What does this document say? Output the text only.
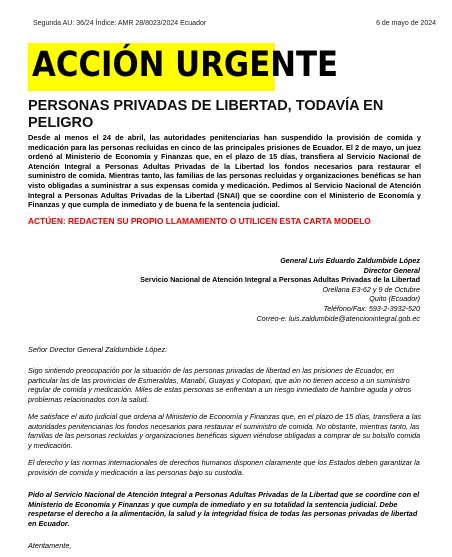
Segunda AU: 36/24 Índice: AMR 28/8023/2024 Ecuador	6 de mayo de 2024
ACCIÓN URGENTE
PERSONAS PRIVADAS DE LIBERTAD, TODAVÍA EN PELIGRO
Desde al menos el 24 de abril, las autoridades penitenciarias han suspendido la provisión de comida y medicación para las personas recluidas en cinco de las principales prisiones de Ecuador. El 2 de mayo, un juez ordenó al Ministerio de Economía y Finanzas que, en el plazo de 15 días, transfiera al Servicio Nacional de Atención Integral a Personas Adultas Privadas de la Libertad los fondos necesarios para restaurar el suministro de comida. Mientras tanto, las familias de las personas recluidas y organizaciones benéficas se han visto obligadas a suministrar a sus expensas comida y medicación. Pedimos al Servicio Nacional de Atención Integral a Personas Adultas Privadas de la Libertad (SNAI) que se coordine con el Ministerio de Economía y Finanzas y que cumpla de inmediato y de buena fe la sentencia judicial.
ACTÚEN: REDACTEN SU PROPIO LLAMAMIENTO O UTILICEN ESTA CARTA MODELO
General Luis Eduardo Zaldumbide López
Director General
Servicio Nacional de Atención Integral a Personas Adultas Privadas de la Libertad
Orellana E3-62 y 9 de Octubre
Quito (Ecuador)
Teléfono/Fax: 593-2-3932-520
Correo-e: luis.zaldumbide@atencionintegral.gob.ec
Señor Director General Zaldumbide López:
Sigo sintiendo preocupación por la situación de las personas privadas de libertad en las prisiones de Ecuador, en particular las de las provincias de Esmeraldas, Manabí, Guayas y Cotopaxi, que aún no tienen acceso a un suministro regular de comida y medicación. Miles de estas personas se enfrentan a un riesgo inmediato de hambre aguda y otros problemas relacionados con la salud.
Me satisface el auto judicial que ordena al Ministerio de Economía y Finanzas que, en el plazo de 15 días, transfiera a las autoridades penitenciarias los fondos necesarios para restaurar el suministro de comida. No obstante, mientras tanto, las familias de las personas recluidas y organizaciones benéficas siguen viéndose obligadas a comprar de su bolsillo comida y medicación.
El derecho y las normas internacionales de derechos humanos disponen claramente que los Estados deben garantizar la provisión de comida y medicación a las personas bajo su custodia.
Pido al Servicio Nacional de Atención Integral a Personas Adultas Privadas de la Libertad que se coordine con el Ministerio de Economía y Finanzas y que cumpla de inmediato y en su totalidad la sentencia judicial. Debe respetarse el derecho a la alimentación, la salud y la integridad física de todas las personas privadas de libertad en Ecuador.
Atentamente,
